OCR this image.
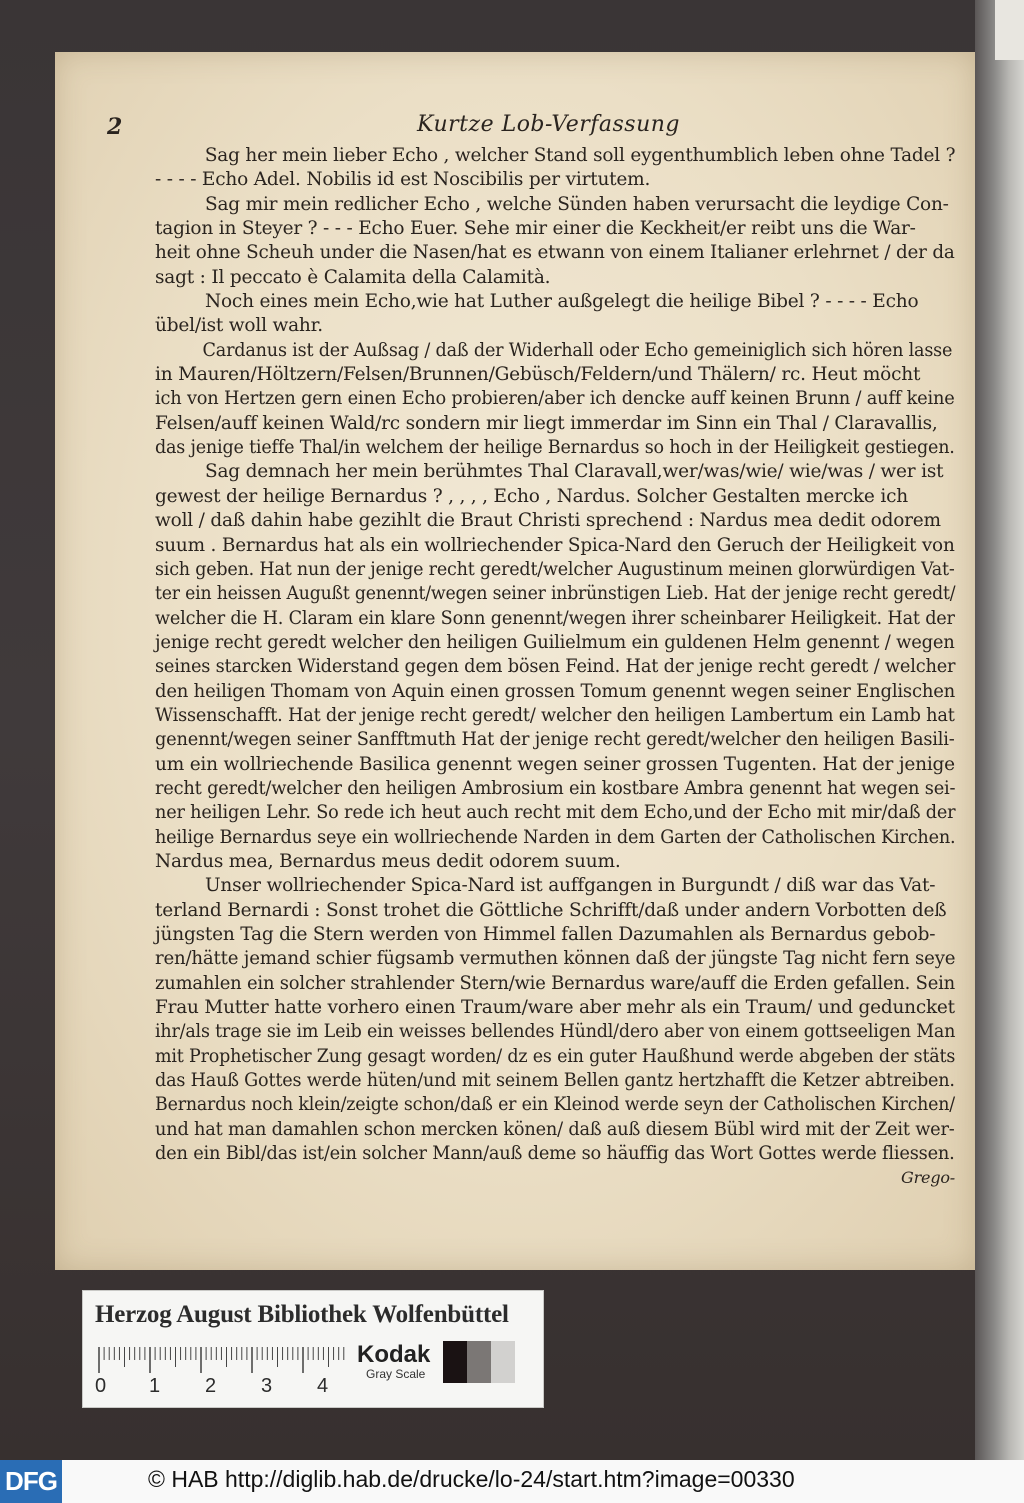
2	Kurtze Lob-Verfassung
Sag her mein lieber Echo , welcher Stand soll eygenthumblich leben ohne Tadel ?
- - - - Echo Adel. Nobilis id est Noscibilis per virtutem.
Sag mir mein redlicher Echo , welche Sünden haben verursacht die leydige Con-
tagion in Steyer ? - - - Echo Euer. Sehe mir einer die Keckheit/er reibt uns die War-
heit ohne Scheuh under die Nasen/hat es etwann von einem Italianer erlehrnet / der da
sagt : Il peccato è Calamita della Calamità.
Noch eines mein Echo,wie hat Luther außgelegt die heilige Bibel ? - - - - Echo
übel/ist woll wahr.
Cardanus ist der Außsag / daß der Widerhall oder Echo gemeiniglich sich hören lasse
in Mauren/Höltzern/Felsen/Brunnen/Gebüsch/Feldern/und Thälern/ rc. Heut möcht
ich von Hertzen gern einen Echo probieren/aber ich dencke auff keinen Brunn / auff keine
Felsen/auff keinen Wald/rc sondern mir liegt immerdar im Sinn ein Thal / Claravallis,
das jenige tieffe Thal/in welchem der heilige Bernardus so hoch in der Heiligkeit gestiegen.
Sag demnach her mein berühmtes Thal Claravall,wer/was/wie/ wie/was / wer ist
gewest der heilige Bernardus ? , , , , Echo , Nardus. Solcher Gestalten mercke ich
woll / daß dahin habe gezihlt die Braut Christi sprechend : Nardus mea dedit odorem
suum . Bernardus hat als ein wollriechender Spica-Nard den Geruch der Heiligkeit von
sich geben. Hat nun der jenige recht geredt/welcher Augustinum meinen glorwürdigen Vat-
ter ein heissen Augußt genennt/wegen seiner inbrünstigen Lieb. Hat der jenige recht geredt/
welcher die H. Claram ein klare Sonn genennt/wegen ihrer scheinbarer Heiligkeit. Hat der
jenige recht geredt welcher den heiligen Guilielmum ein guldenen Helm genennt / wegen
seines starcken Widerstand gegen dem bösen Feind. Hat der jenige recht geredt / welcher
den heiligen Thomam von Aquin einen grossen Tomum genennt wegen seiner Englischen
Wissenschafft. Hat der jenige recht geredt/ welcher den heiligen Lambertum ein Lamb hat
genennt/wegen seiner Sanfftmuth Hat der jenige recht geredt/welcher den heiligen Basili-
um ein wollriechende Basilica genennt wegen seiner grossen Tugenten. Hat der jenige
recht geredt/welcher den heiligen Ambrosium ein kostbare Ambra genennt hat wegen sei-
ner heiligen Lehr. So rede ich heut auch recht mit dem Echo,und der Echo mit mir/daß der
heilige Bernardus seye ein wollriechende Narden in dem Garten der Catholischen Kirchen.
Nardus mea, Bernardus meus dedit odorem suum.
Unser wollriechender Spica-Nard ist auffgangen in Burgundt / diß war das Vat-
terland Bernardi : Sonst trohet die Göttliche Schrifft/daß under andern Vorbotten deß
jüngsten Tag die Stern werden von Himmel fallen Dazumahlen als Bernardus gebob-
ren/hätte jemand schier fügsamb vermuthen können daß der jüngste Tag nicht fern seye
zumahlen ein solcher strahlender Stern/wie Bernardus ware/auff die Erden gefallen. Sein
Frau Mutter hatte vorhero einen Traum/ware aber mehr als ein Traum/ und geduncket
ihr/als trage sie im Leib ein weisses bellendes Hündl/dero aber von einem gottseeligen Man
mit Prophetischer Zung gesagt worden/ dz es ein guter Haußhund werde abgeben der stäts
das Hauß Gottes werde hüten/und mit seinem Bellen gantz hertzhafft die Ketzer abtreiben.
Bernardus noch klein/zeigte schon/daß er ein Kleinod werde seyn der Catholischen Kirchen/
und hat man damahlen schon mercken könen/ daß auß diesem Bübl wird mit der Zeit wer-
den ein Bibl/das ist/ein solcher Mann/auß deme so häuffig das Wort Gottes werde fliessen.
Grego-
Herzog August Bibliothek Wolfenbüttel
0 1 2 3 4
Kodak
Gray Scale
DFG	© HAB http://diglib.hab.de/drucke/lo-24/start.htm?image=00330
